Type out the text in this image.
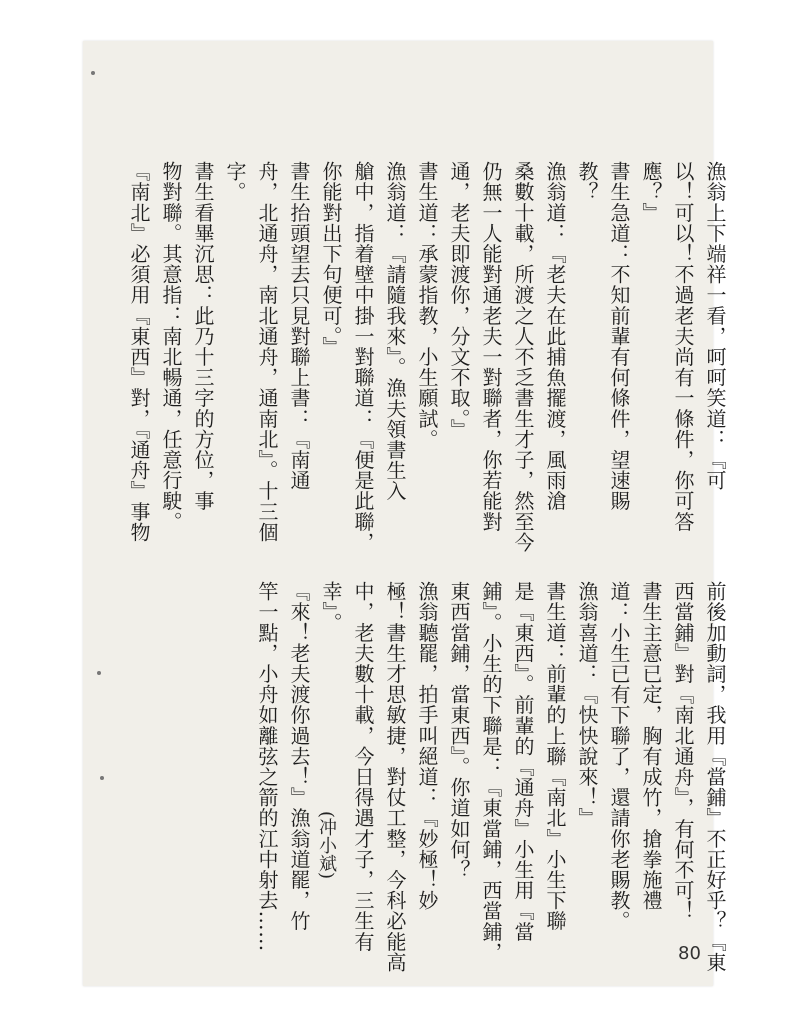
漁翁上下端祥一看，呵呵笑道：『可
以！可以！不過老夫尚有一條件，你可答
應？』
書生急道：不知前輩有何條件，望速賜
教？
漁翁道：『老夫在此捕魚擺渡，風雨滄
桑數十載，所渡之人不乏書生才子，然至今
仍無一人能對通老夫一對聯者，你若能對
通，老夫即渡你，分文不取。』
書生道：承蒙指教，小生願試。
漁翁道：『請隨我來』。漁夫領書生入
艙中，指着壁中掛一對聯道：『便是此聯，
你能對出下句便可。』
書生抬頭望去只見對聯上書：『南通
舟，北通舟，南北通舟，通南北』。十三個
字。
書生看畢沉思：此乃十三字的方位，事
物對聯。其意指：南北暢通，任意行駛。
『南北』必須用『東西』對，『通舟』事物
前後加動詞，我用『當鋪』不正好乎？『東
西當鋪』對『南北通舟』，有何不可！
書生主意已定，胸有成竹，搶拳施禮
道：小生已有下聯了，還請你老賜教。
漁翁喜道：『快快說來！』
書生道：前輩的上聯『南北』小生下聯
是『東西』。前輩的『通舟』小生用『當
鋪』。小生的下聯是：『東當鋪，西當鋪，
東西當鋪，當東西』。你道如何？
漁翁聽罷，拍手叫絕道：『妙極！妙
極！書生才思敏捷，對仗工整，今科必能高
中，老夫數十載，今日得遇才子，三生有
幸』。
『來！老夫渡你過去！』漁翁道罷，竹
竿一點，小舟如離弦之箭的江中射去…… (冲小斌)
80
